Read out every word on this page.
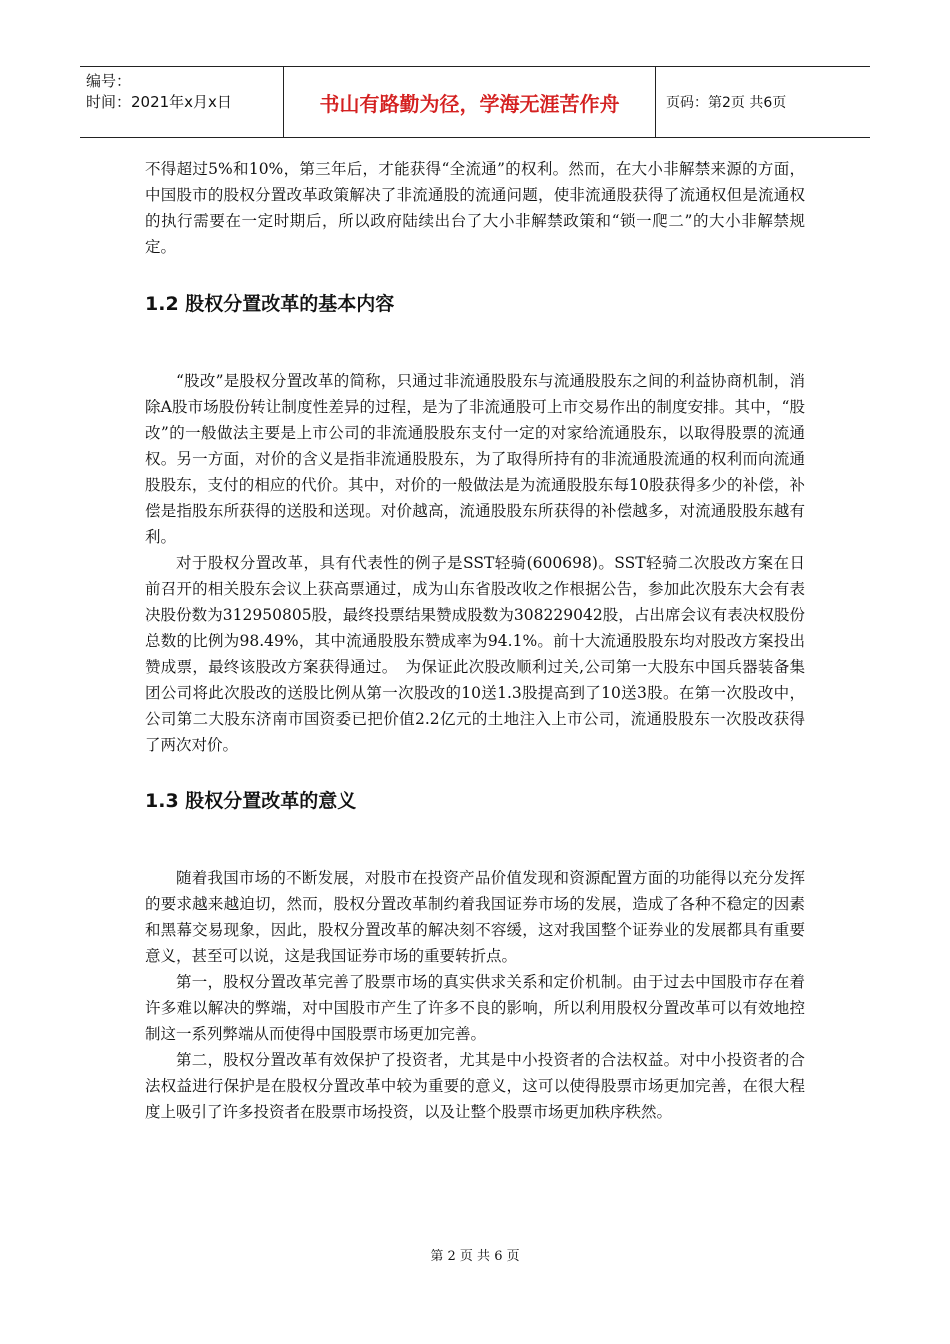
编号：
时间：2021年x月x日	书山有路勤为径，学海无涯苦作舟	页码：第2页 共6页

不得超过5%和10%，第三年后，才能获得“全流通”的权利。然而，在大小非解禁来源的方面，中国股市的股权分置改革政策解决了非流通股的流通问题，使非流通股获得了流通权但是流通权的执行需要在一定时期后，所以政府陆续出台了大小非解禁政策和“锁一爬二”的大小非解禁规定。

1.2 股权分置改革的基本内容

“股改”是股权分置改革的简称，只通过非流通股股东与流通股股东之间的利益协商机制，消除A股市场股份转让制度性差异的过程，是为了非流通股可上市交易作出的制度安排。其中，“股改”的一般做法主要是上市公司的非流通股股东支付一定的对家给流通股东，以取得股票的流通权。另一方面，对价的含义是指非流通股股东，为了取得所持有的非流通股流通的权利而向流通股股东，支付的相应的代价。其中，对价的一般做法是为流通股股东每10股获得多少的补偿，补偿是指股东所获得的送股和送现。对价越高，流通股股东所获得的补偿越多，对流通股股东越有利。

对于股权分置改革，具有代表性的例子是SST轻骑(600698)。SST轻骑二次股改方案在日前召开的相关股东会议上获高票通过，成为山东省股改收之作根据公告，参加此次股东大会有表决股份数为312950805股，最终投票结果赞成股数为308229042股，占出席会议有表决权股份总数的比例为98.49%，其中流通股股东赞成率为94.1%。前十大流通股股东均对股改方案投出赞成票，最终该股改方案获得通过。　为保证此次股改顺利过关,公司第一大股东中国兵器装备集团公司将此次股改的送股比例从第一次股改的10送1.3股提高到了10送3股。在第一次股改中，公司第二大股东济南市国资委已把价值2.2亿元的土地注入上市公司，流通股股东一次股改获得了两次对价。

1.3 股权分置改革的意义

随着我国市场的不断发展，对股市在投资产品价值发现和资源配置方面的功能得以充分发挥的要求越来越迫切，然而，股权分置改革制约着我国证券市场的发展，造成了各种不稳定的因素和黑幕交易现象，因此，股权分置改革的解决刻不容缓，这对我国整个证券业的发展都具有重要意义，甚至可以说，这是我国证券市场的重要转折点。

第一，股权分置改革完善了股票市场的真实供求关系和定价机制。由于过去中国股市存在着许多难以解决的弊端，对中国股市产生了许多不良的影响，所以利用股权分置改革可以有效地控制这一系列弊端从而使得中国股票市场更加完善。

第二，股权分置改革有效保护了投资者，尤其是中小投资者的合法权益。对中小投资者的合法权益进行保护是在股权分置改革中较为重要的意义，这可以使得股票市场更加完善，在很大程度上吸引了许多投资者在股票市场投资，以及让整个股票市场更加秩序秩然。

第 2 页 共 6 页
